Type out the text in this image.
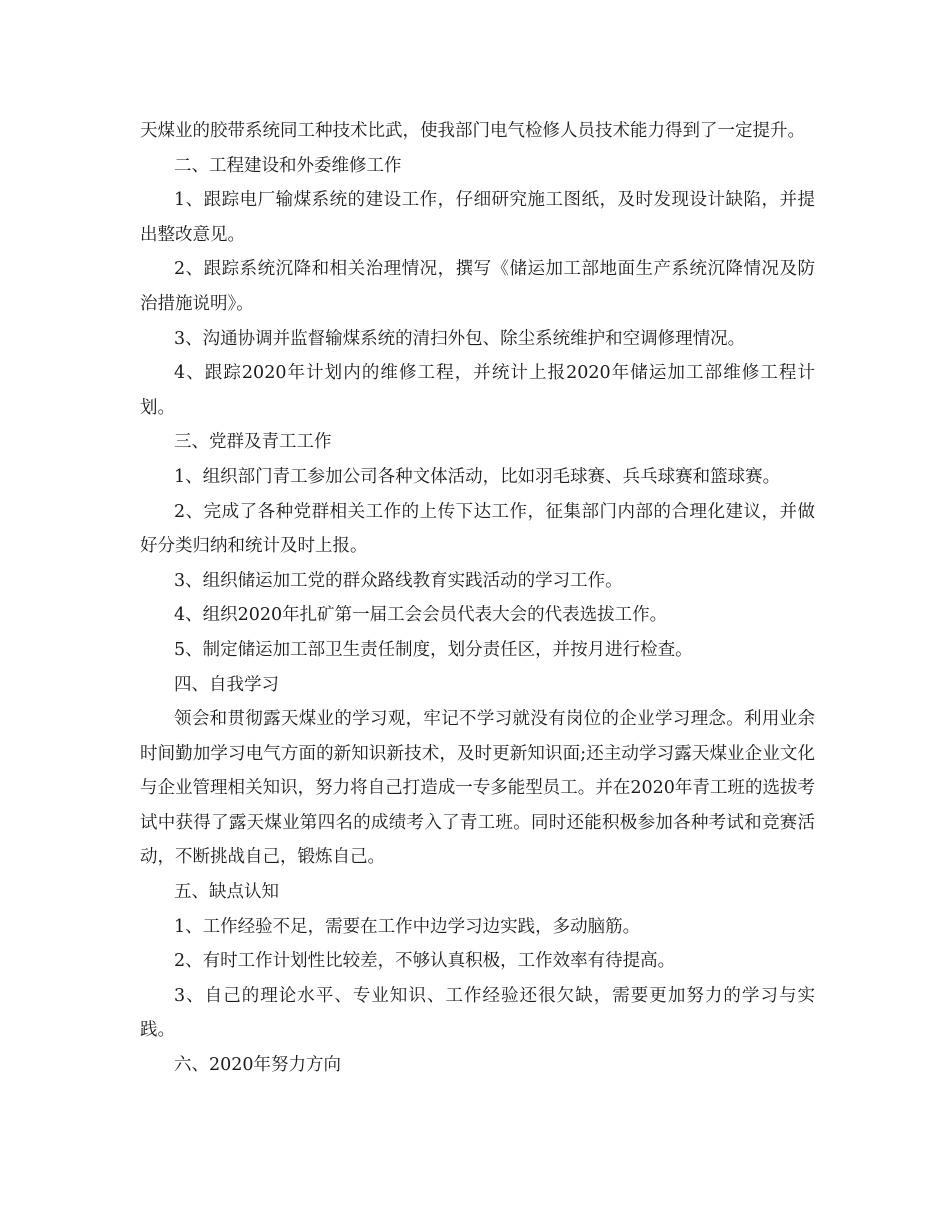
天煤业的胶带系统同工种技术比武，使我部门电气检修人员技术能力得到了一定提升。

二、工程建设和外委维修工作

1、跟踪电厂输煤系统的建设工作，仔细研究施工图纸，及时发现设计缺陷，并提出整改意见。

2、跟踪系统沉降和相关治理情况，撰写《储运加工部地面生产系统沉降情况及防治措施说明》。

3、沟通协调并监督输煤系统的清扫外包、除尘系统维护和空调修理情况。

4、跟踪2020年计划内的维修工程，并统计上报2020年储运加工部维修工程计划。

三、党群及青工工作

1、组织部门青工参加公司各种文体活动，比如羽毛球赛、兵乓球赛和篮球赛。

2、完成了各种党群相关工作的上传下达工作，征集部门内部的合理化建议，并做好分类归纳和统计及时上报。

3、组织储运加工党的群众路线教育实践活动的学习工作。

4、组织2020年扎矿第一届工会会员代表大会的代表选拔工作。

5、制定储运加工部卫生责任制度，划分责任区，并按月进行检查。

四、自我学习

领会和贯彻露天煤业的学习观，牢记不学习就没有岗位的企业学习理念。利用业余时间勤加学习电气方面的新知识新技术，及时更新知识面;还主动学习露天煤业企业文化与企业管理相关知识，努力将自己打造成一专多能型员工。并在2020年青工班的选拔考试中获得了露天煤业第四名的成绩考入了青工班。同时还能积极参加各种考试和竞赛活动，不断挑战自己，锻炼自己。

五、缺点认知

1、工作经验不足，需要在工作中边学习边实践，多动脑筋。

2、有时工作计划性比较差，不够认真积极，工作效率有待提高。

3、自己的理论水平、专业知识、工作经验还很欠缺，需要更加努力的学习与实践。

六、2020年努力方向
